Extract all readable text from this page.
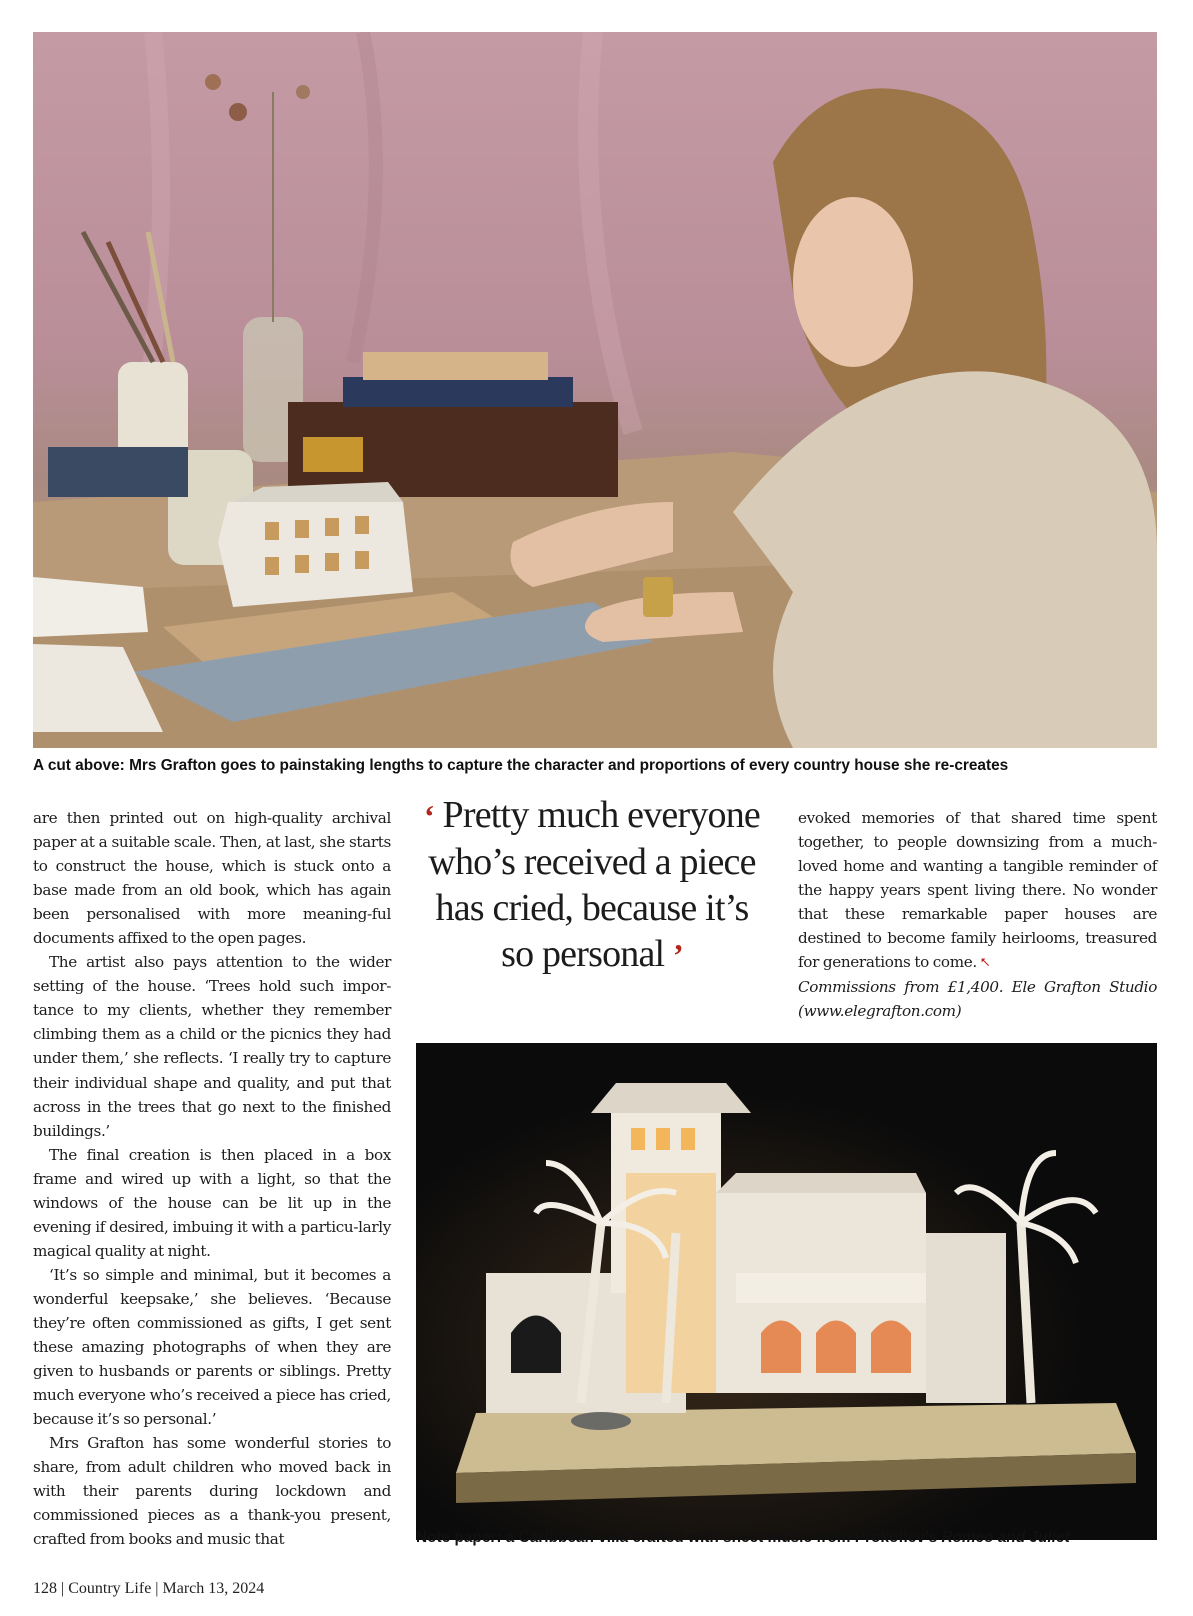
A cut above: Mrs Grafton goes to painstaking lengths to capture the character and proportions of every country house she re-creates

are then printed out on high-quality archival paper at a suitable scale. Then, at last, she starts to construct the house, which is stuck onto a base made from an old book, which has again been personalised with more meaning-ful documents affixed to the open pages.

The artist also pays attention to the wider setting of the house. ‘Trees hold such impor-tance to my clients, whether they remember climbing them as a child or the picnics they had under them,’ she reflects. ‘I really try to capture their individual shape and quality, and put that across in the trees that go next to the finished buildings.’

The final creation is then placed in a box frame and wired up with a light, so that the windows of the house can be lit up in the evening if desired, imbuing it with a particu-larly magical quality at night.

‘It’s so simple and minimal, but it becomes a wonderful keepsake,’ she believes. ‘Because they’re often commissioned as gifts, I get sent these amazing photographs of when they are given to husbands or parents or siblings. Pretty much everyone who’s received a piece has cried, because it’s so personal.’

Mrs Grafton has some wonderful stories to share, from adult children who moved back in with their parents during lockdown and commissioned pieces as a thank-you present, crafted from books and music that

‘ Pretty much everyone who’s received a piece has cried, because it’s so personal ’

evoked memories of that shared time spent together, to people downsizing from a much-loved home and wanting a tangible reminder of the happy years spent living there. No wonder that these remarkable paper houses are destined to become family heirlooms, treasured for generations to come. ⭦

Commissions from £1,400. Ele Grafton Studio (www.elegrafton.com)

Note paper: a Caribbean villa crafted with sheet music from Prokofiev’s Romeo and Juliet
128 | Country Life | March 13, 2024
